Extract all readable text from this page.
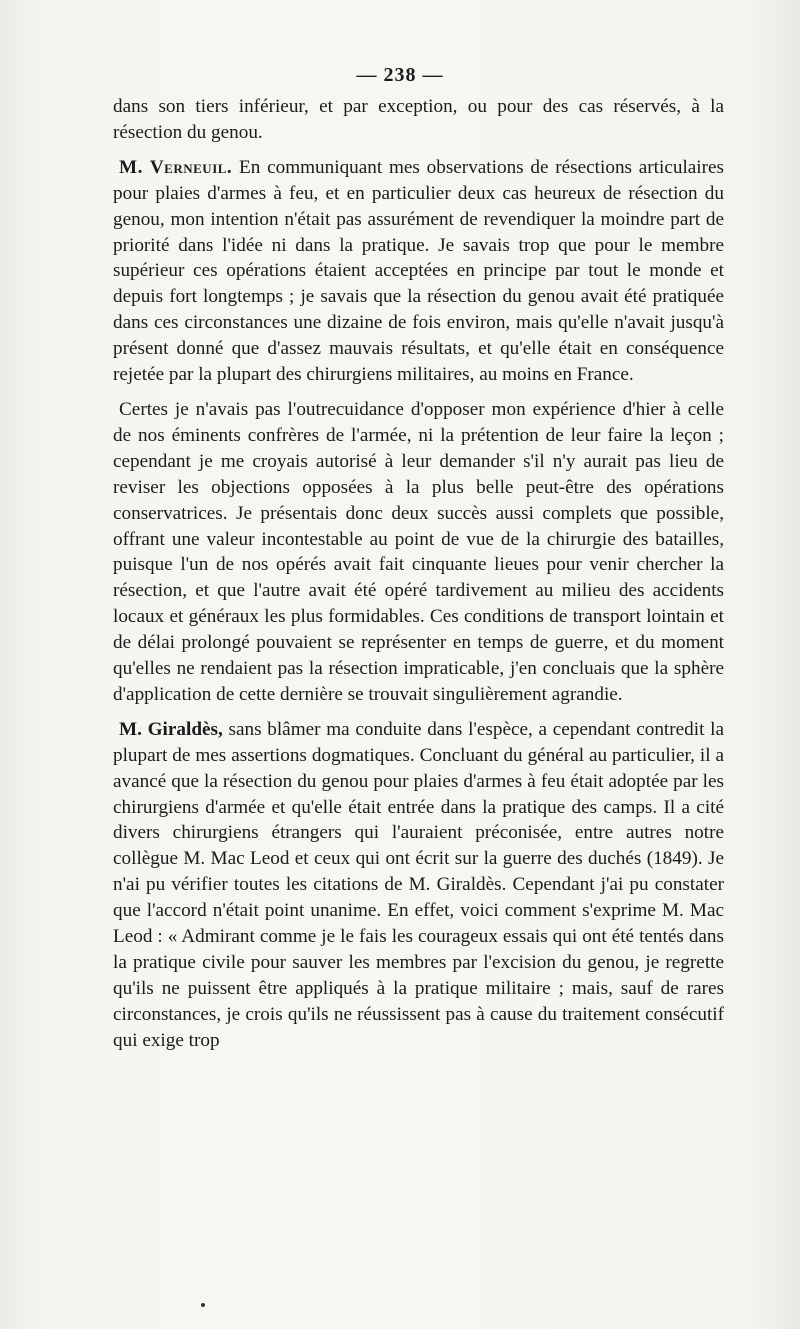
— 238 —

dans son tiers inférieur, et par exception, ou pour des cas réservés, à la résection du genou.

M. Verneuil. En communiquant mes observations de résections articulaires pour plaies d'armes à feu, et en particulier deux cas heureux de résection du genou, mon intention n'était pas assurément de revendiquer la moindre part de priorité dans l'idée ni dans la pratique. Je savais trop que pour le membre supérieur ces opérations étaient acceptées en principe par tout le monde et depuis fort longtemps ; je savais que la résection du genou avait été pratiquée dans ces circonstances une dizaine de fois environ, mais qu'elle n'avait jusqu'à présent donné que d'assez mauvais résultats, et qu'elle était en conséquence rejetée par la plupart des chirurgiens militaires, au moins en France.

Certes je n'avais pas l'outrecuidance d'opposer mon expérience d'hier à celle de nos éminents confrères de l'armée, ni la prétention de leur faire la leçon ; cependant je me croyais autorisé à leur demander s'il n'y aurait pas lieu de reviser les objections opposées à la plus belle peut-être des opérations conservatrices. Je présentais donc deux succès aussi complets que possible, offrant une valeur incontestable au point de vue de la chirurgie des batailles, puisque l'un de nos opérés avait fait cinquante lieues pour venir chercher la résection, et que l'autre avait été opéré tardivement au milieu des accidents locaux et généraux les plus formidables. Ces conditions de transport lointain et de délai prolongé pouvaient se représenter en temps de guerre, et du moment qu'elles ne rendaient pas la résection impraticable, j'en concluais que la sphère d'application de cette dernière se trouvait singulièrement agrandie.

M. Giraldès, sans blâmer ma conduite dans l'espèce, a cependant contredit la plupart de mes assertions dogmatiques. Concluant du général au particulier, il a avancé que la résection du genou pour plaies d'armes à feu était adoptée par les chirurgiens d'armée et qu'elle était entrée dans la pratique des camps. Il a cité divers chirurgiens étrangers qui l'auraient préconisée, entre autres notre collègue M. Mac Leod et ceux qui ont écrit sur la guerre des duchés (1849). Je n'ai pu vérifier toutes les citations de M. Giraldès. Cependant j'ai pu constater que l'accord n'était point unanime. En effet, voici comment s'exprime M. Mac Leod : « Admirant comme je le fais les courageux essais qui ont été tentés dans la pratique civile pour sauver les membres par l'excision du genou, je regrette qu'ils ne puissent être appliqués à la pratique militaire ; mais, sauf de rares circonstances, je crois qu'ils ne réussissent pas à cause du traitement consécutif qui exige trop
